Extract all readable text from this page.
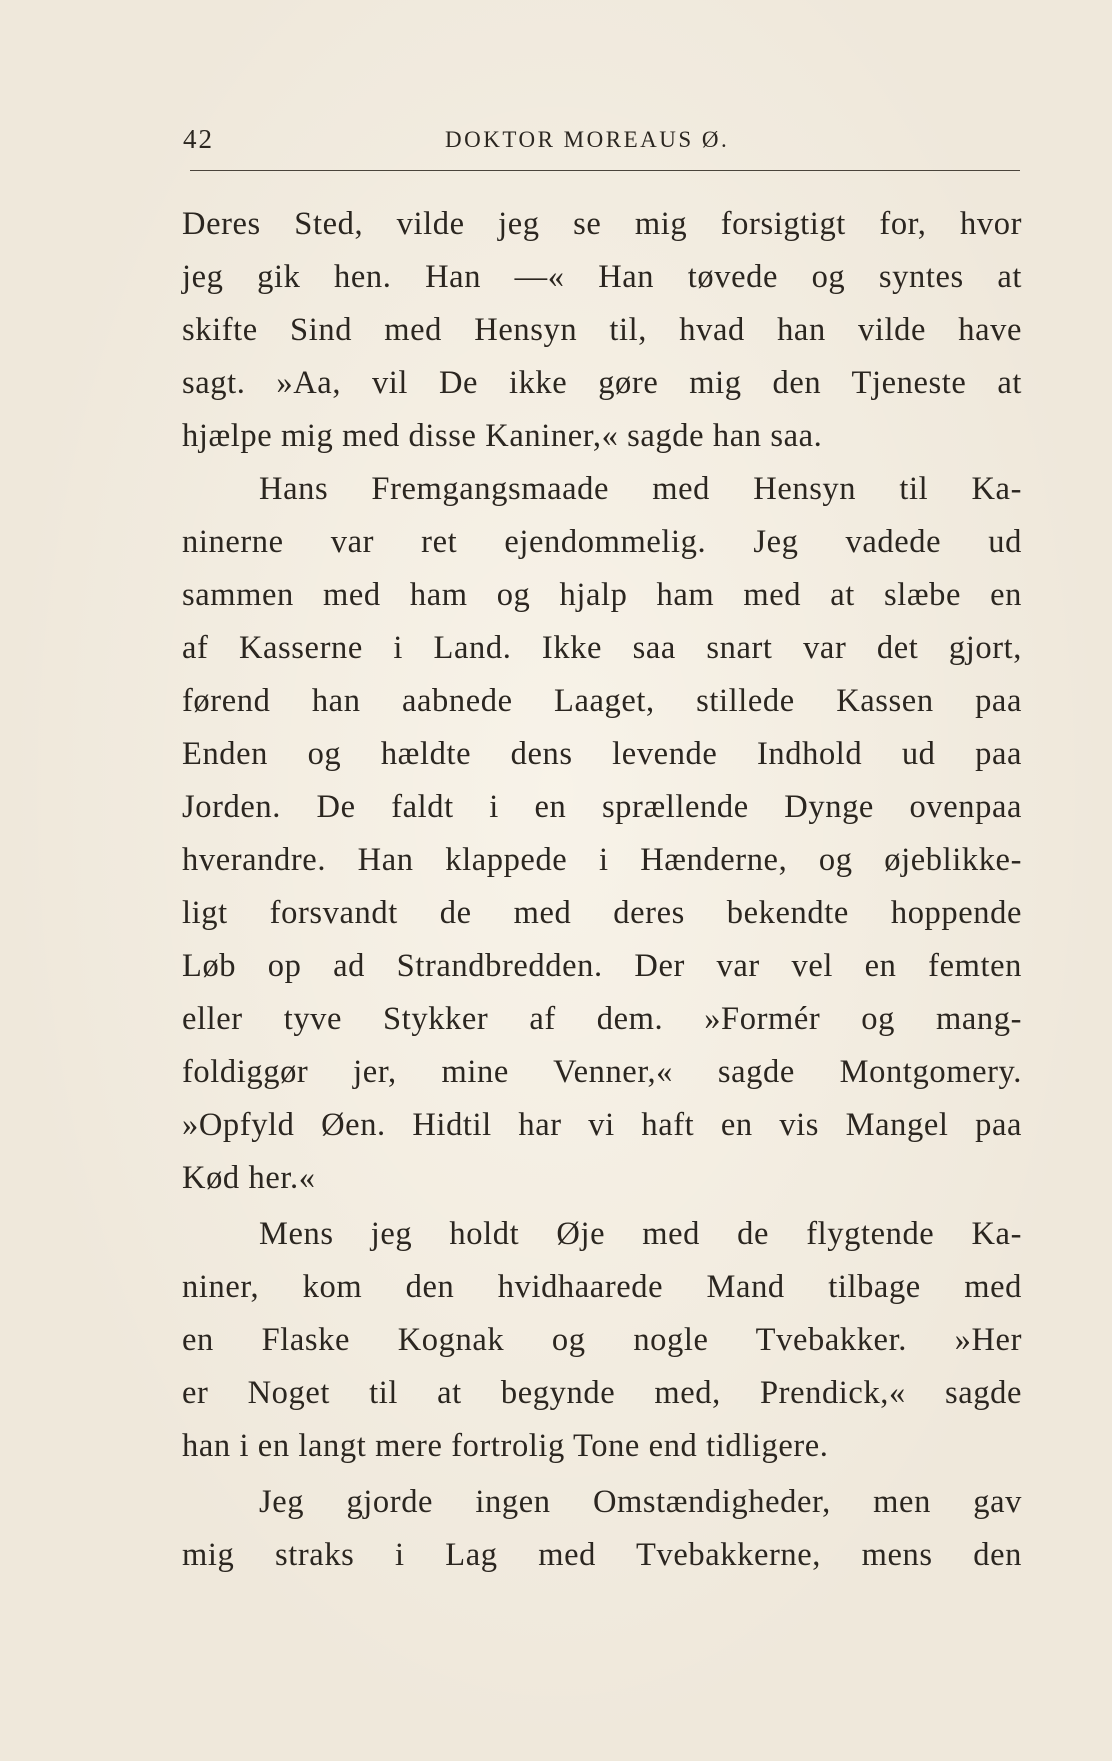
42	DOKTOR MOREAUS Ø.
Deres Sted, vilde jeg se mig forsigtigt for, hvor
jeg gik hen. Han —« Han tøvede og syntes at
skifte Sind med Hensyn til, hvad han vilde have
sagt. »Aa, vil De ikke gøre mig den Tjeneste at
hjælpe mig med disse Kaniner,« sagde han saa.
Hans Fremgangsmaade med Hensyn til Ka-
ninerne var ret ejendommelig. Jeg vadede ud
sammen med ham og hjalp ham med at slæbe en
af Kasserne i Land. Ikke saa snart var det gjort,
førend han aabnede Laaget, stillede Kassen paa
Enden og hældte dens levende Indhold ud paa
Jorden. De faldt i en sprællende Dynge ovenpaa
hverandre. Han klappede i Hænderne, og øjeblikke-
ligt forsvandt de med deres bekendte hoppende
Løb op ad Strandbredden. Der var vel en femten
eller tyve Stykker af dem. »Formér og mang-
foldiggør jer, mine Venner,« sagde Montgomery.
»Opfyld Øen. Hidtil har vi haft en vis Mangel paa
Kød her.«
Mens jeg holdt Øje med de flygtende Ka-
niner, kom den hvidhaarede Mand tilbage med
en Flaske Kognak og nogle Tvebakker. »Her
er Noget til at begynde med, Prendick,« sagde
han i en langt mere fortrolig Tone end tidligere.
Jeg gjorde ingen Omstændigheder, men gav
mig straks i Lag med Tvebakkerne, mens den
